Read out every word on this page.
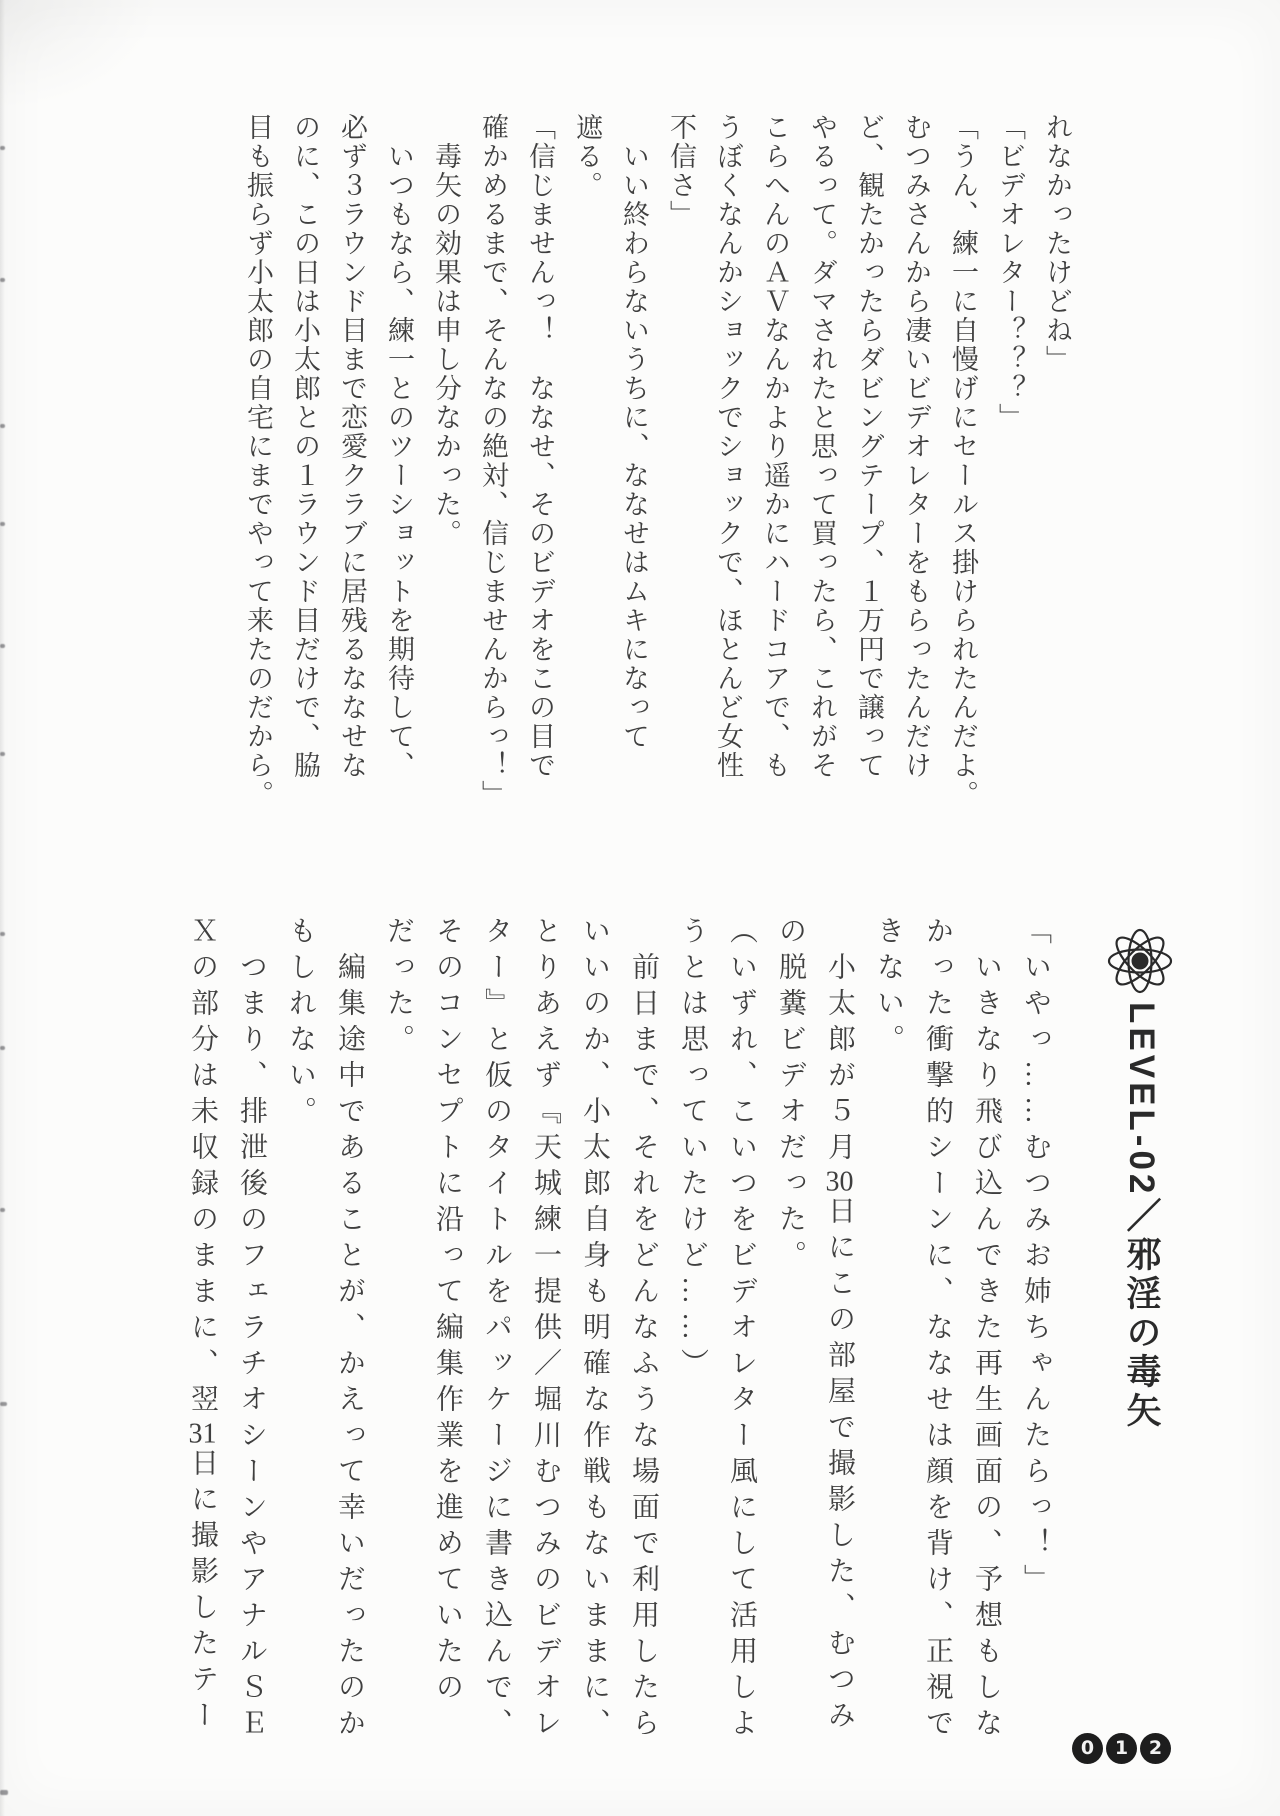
れなかったけどね」
「ビデオレター？？？」
「うん、練一に自慢げにセールス掛けられたんだよ。
むつみさんから凄いビデオレターをもらったんだけ
ど、観たかったらダビングテープ、１万円で譲って
やるって。ダマされたと思って買ったら、これがそ
こらへんのＡＶなんかより遥かにハードコアで、も
うぼくなんかショックでショックで、ほとんど女性
不信さ」
　いい終わらないうちに、ななせはムキになって
遮る。
「信じませんっ！　ななせ、そのビデオをこの目で
確かめるまで、そんなの絶対、信じませんからっ！」
　毒矢の効果は申し分なかった。
　いつもなら、練一とのツーショットを期待して、
必ず３ラウンド目まで恋愛クラブに居残るななせな
のに、この日は小太郎との１ラウンド目だけで、脇
目も振らず小太郎の自宅にまでやって来たのだから。
LEVEL-02／邪淫の毒矢
「いやっ……むつみお姉ちゃんたらっ！」
　いきなり飛び込んできた再生画面の、予想もしな
かった衝撃的シーンに、ななせは顔を背け、正視で
きない。
　小太郎が５月30日にこの部屋で撮影した、むつみ
の脱糞ビデオだった。
（いずれ、こいつをビデオレター風にして活用しよ
うとは思っていたけど……）
　前日まで、それをどんなふうな場面で利用したら
いいのか、小太郎自身も明確な作戦もないままに、
とりあえず『天城練一提供／堀川むつみのビデオレ
ター』と仮のタイトルをパッケージに書き込んで、
そのコンセプトに沿って編集作業を進めていたの
だった。
　編集途中であることが、かえって幸いだったのか
もしれない。
　つまり、排泄後のフェラチオシーンやアナルＳＥ
Ｘの部分は未収録のままに、翌31日に撮影したテー
0	1	2
